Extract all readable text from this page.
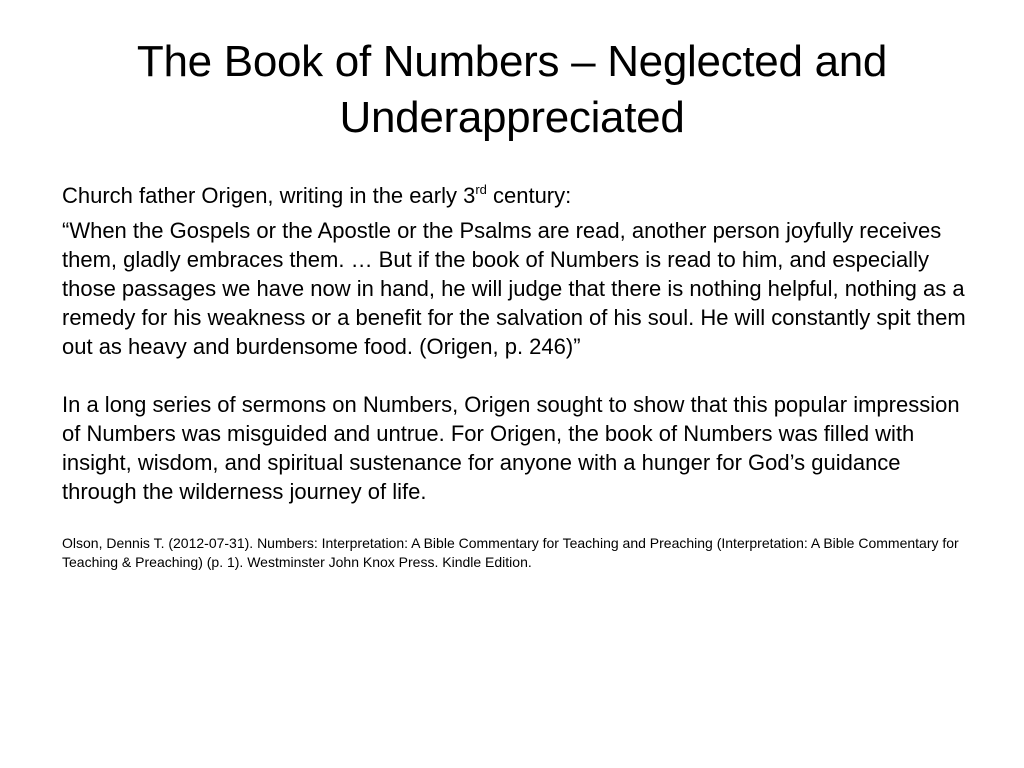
The Book of Numbers – Neglected and Underappreciated

Church father Origen, writing in the early 3rd century:

“When the Gospels or the Apostle or the Psalms are read, another person joyfully receives them, gladly embraces them. … But if the book of Numbers is read to him, and especially those passages we have now in hand, he will judge that there is nothing helpful, nothing as a remedy for his weakness or a benefit for the salvation of his soul. He will constantly spit them out as heavy and burdensome food. (Origen, p. 246)”

In a long series of sermons on Numbers, Origen sought to show that this popular impression of Numbers was misguided and untrue. For Origen, the book of Numbers was filled with insight, wisdom, and spiritual sustenance for anyone with a hunger for God’s guidance through the wilderness journey of life.

Olson, Dennis T. (2012-07-31). Numbers: Interpretation: A Bible Commentary for Teaching and Preaching (Interpretation: A Bible Commentary for Teaching & Preaching) (p. 1). Westminster John Knox Press. Kindle Edition.
